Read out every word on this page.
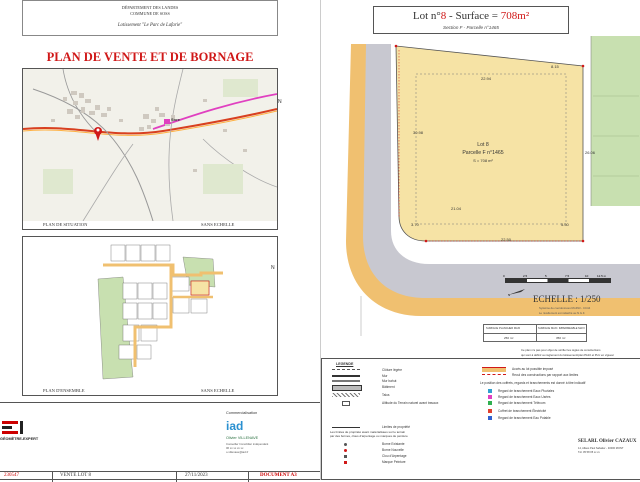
DÉPARTEMENT DES LANDES
COMMUNE DE SOSS
Lotissement "Le Parc de Lafarie"
PLAN DE VENTE ET DE BORNAGE
Sore
N
PLAN DE SITUATION	SANS ECHELLE
N
PLAN D'ENSEMBLE	SANS ECHELLE
GÉOMÈTRE-EXPERT
Commercialisation
iad
Olivier VILLENAVE
Conseiller Immobilier indépendant
06 xx xx xx xx
o.villenave@iad.fr
230547	VENTE LOT 8	27/11/2023	DOCUMENT A3
Lot n°8 - Surface = 708m²
Section F - Parcelle n°1465
Lot 8
Parcelle F n°1465
S = 708 m²
22.94
26.06
22.50
30.98
21.04
3.70
8.15
5.50
0	2.5	5	7.5	10	12.5 m
N	ECHELLE : 1/250
Système de coordonnées RGF93 - CC44
Le nivellement est rattaché au N.G.F.
SURFACE PLANCHER MAXI	SURFACE MAXI. IMPERMEABLE MAXI
250 m²	350 m²
Ce plan n'a pas pour objet de vérifier les règles de constructions
qui sont à définir au règlement du lotissement/plan PA10 et PLU en vigueur
LEGENDE
Clôture légère
Mur
Mur bahut
Bâtiment
Talus
Altitude du Terrain naturel avant travaux
Limites de propriété
Les limites de propriété avant matérialisées sur le terrain par des bornes, clous d'arpentage ou marques de peinture
Borne Existante
Borne Nouvelle
Clou d'Arpentage
Marque Peinture
Accès au lot possible imposé
Recul des constructions par rapport aux limites
Le position des coffrets, regards et branchements est donné à titre indicatif
Regard de branchement Eaux Pluviales
Regard de branchement Eaux Usées
Regard de branchement Télécom
Coffret de branchement Électricité
Regard de branchement Eau Potable
SELARL Olivier CAZAUX
14, Allées Paul Sabatier - 40000 MONT
Tél. 05 58 05 xx xx
